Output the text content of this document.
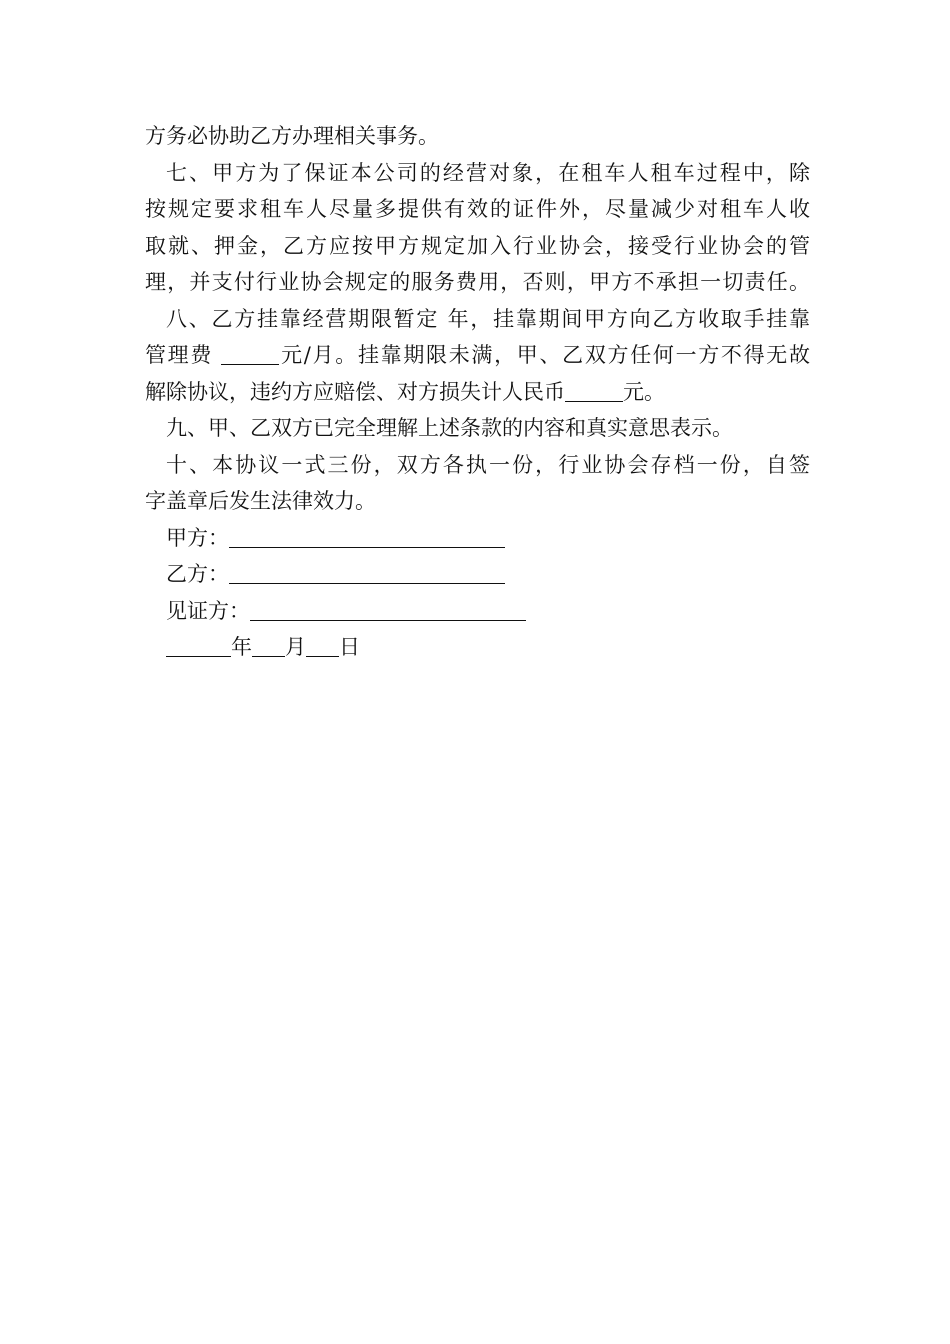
方务必协助乙方办理相关事务。
七、甲方为了保证本公司的经营对象，在租车人租车过程中，除
按规定要求租车人尽量多提供有效的证件外，尽量减少对租车人收
取就、押金，乙方应按甲方规定加入行业协会，接受行业协会的管
理，并支付行业协会规定的服务费用，否则，甲方不承担一切责任。
八、乙方挂靠经营期限暂定 年，挂靠期间甲方向乙方收取手挂靠
管理费	元/月。挂靠期限未满，甲、乙双方任何一方不得无故
解除协议，违约方应赔偿、对方损失计人民币	元。
九、甲、乙双方已完全理解上述条款的内容和真实意思表示。
十、本协议一式三份，双方各执一份，行业协会存档一份，自签
字盖章后发生法律效力。
甲方：
乙方：
见证方：
年 月 日
